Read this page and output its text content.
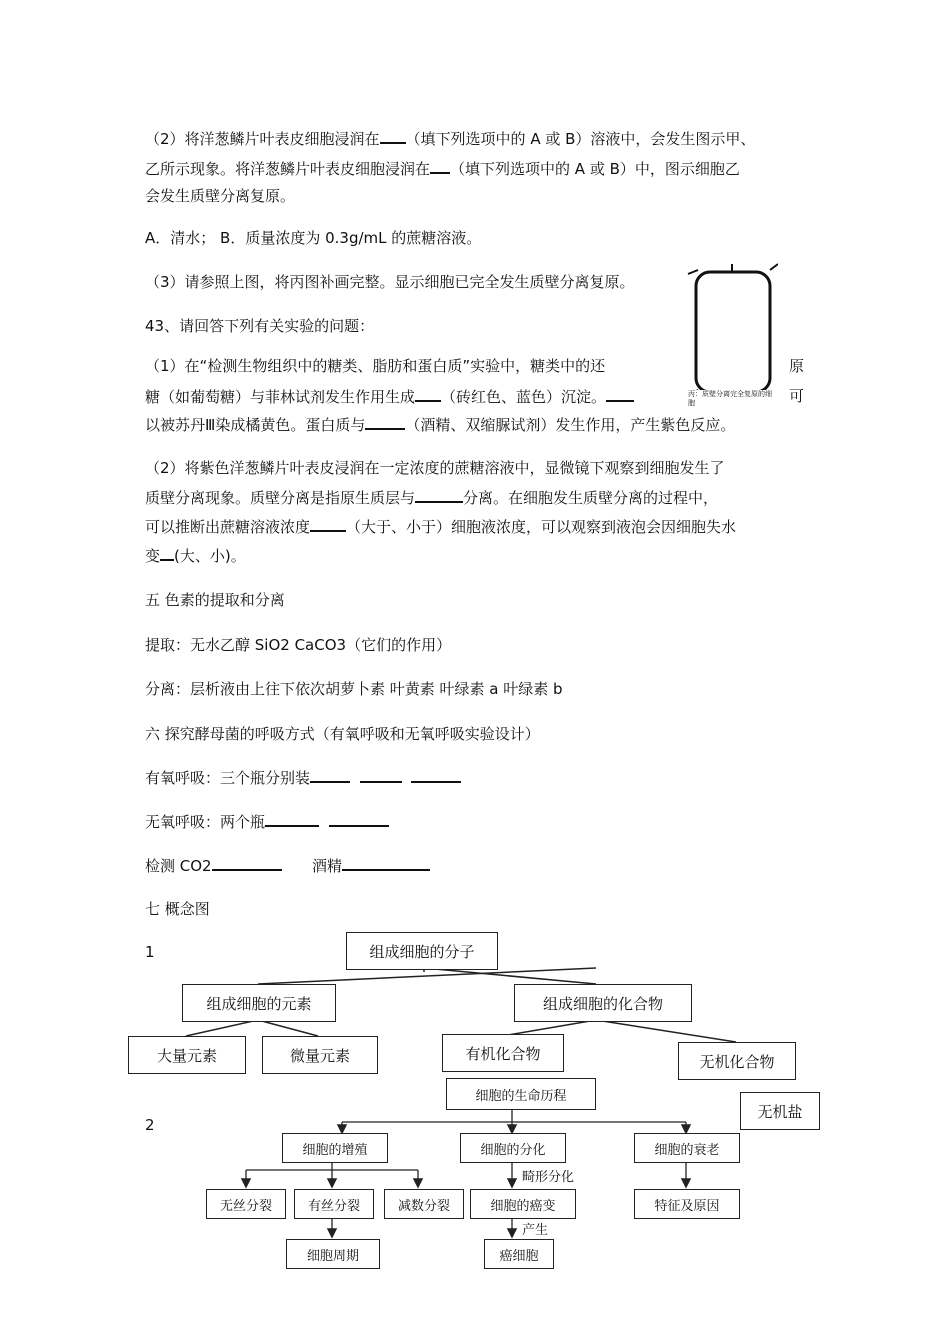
（2）将洋葱鳞片叶表皮细胞浸润在 （填下列选项中的 A 或 B）溶液中，会发生图示甲、
乙所示现象。将洋葱鳞片叶表皮细胞浸润在 （填下列选项中的 A 或 B）中，图示细胞乙
会发生质壁分离复原。
A．清水； B．质量浓度为 0.3g/mL 的蔗糖溶液。
（3）请参照上图，将丙图补画完整。显示细胞已完全发生质壁分离复原。
丙：质壁分离完全复原的细胞
43、请回答下列有关实验的问题：
（1）在“检测生物组织中的糖类、脂肪和蛋白质”实验中，糖类中的还	原
糖（如葡萄糖）与菲林试剂发生作用生成 （砖红色、蓝色）沉淀。	可
以被苏丹Ⅲ染成橘黄色。蛋白质与	（酒精、双缩脲试剂）发生作用，产生紫色反应。
（2）将紫色洋葱鳞片叶表皮浸润在一定浓度的蔗糖溶液中，显微镜下观察到细胞发生了
质壁分离现象。质壁分离是指原生质层与	分离。在细胞发生质壁分离的过程中，
可以推断出蔗糖溶液浓度 （大于、小于）细胞液浓度，可以观察到液泡会因细胞失水
变 (大、小)。
五 色素的提取和分离
提取：无水乙醇 SiO2 CaCO3（它们的作用）
分离：层析液由上往下依次胡萝卜素 叶黄素 叶绿素 a 叶绿素 b
六 探究酵母菌的呼吸方式（有氧呼吸和无氧呼吸实验设计）
有氧呼吸：三个瓶分别装
无氧呼吸：两个瓶
检测 CO2	酒精
七 概念图
1
2
组成细胞的分子
组成细胞的元素	组成细胞的化合物
大量元素	微量元素	有机化合物	无机化合物
无机盐
细胞的生命历程
细胞的增殖	细胞的分化	细胞的衰老
无丝分裂	有丝分裂	减数分裂
细胞周期
细胞的癌变
癌细胞
特征及原因
畸形分化
产生
